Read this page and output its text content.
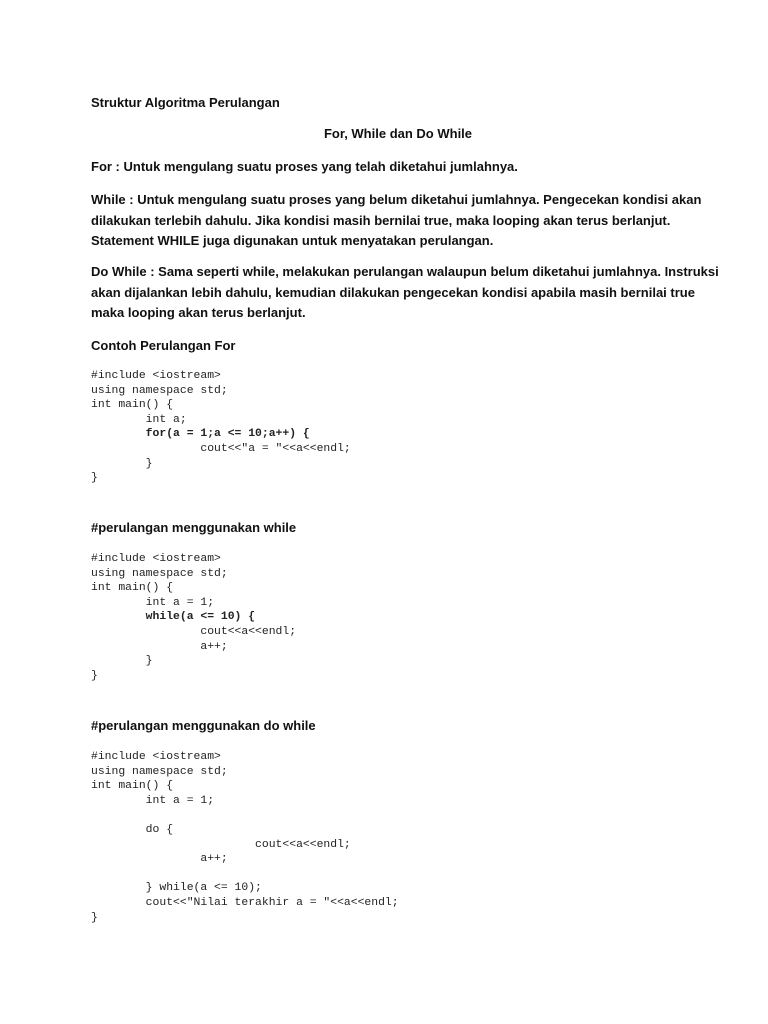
Struktur Algoritma Perulangan

For, While dan Do While

For : Untuk mengulang suatu proses yang telah diketahui jumlahnya.

While : Untuk mengulang suatu proses yang belum diketahui jumlahnya. Pengecekan kondisi akan

dilakukan terlebih dahulu. Jika kondisi masih bernilai true, maka looping akan terus berlanjut.

Statement WHILE juga digunakan untuk menyatakan perulangan.

Do While : Sama seperti while, melakukan perulangan walaupun belum diketahui jumlahnya. Instruksi

akan dijalankan lebih dahulu, kemudian dilakukan pengecekan kondisi apabila masih bernilai true

maka looping akan terus berlanjut.

Contoh Perulangan For

#include <iostream>
using namespace std;
int main() {
int a;
for(a = 1;a <= 10;a++) {
cout<<"a = "<<a<<endl;
}
}

#perulangan menggunakan while

#include <iostream>
using namespace std;
int main() {
int a = 1;
while(a <= 10) {
cout<<a<<endl;
a++;
}
}

#perulangan menggunakan do while

#include <iostream>
using namespace std;
int main() {
int a = 1;
do {
cout<<a<<endl;
a++;
} while(a <= 10);
cout<<"Nilai terakhir a = "<<a<<endl;
}
